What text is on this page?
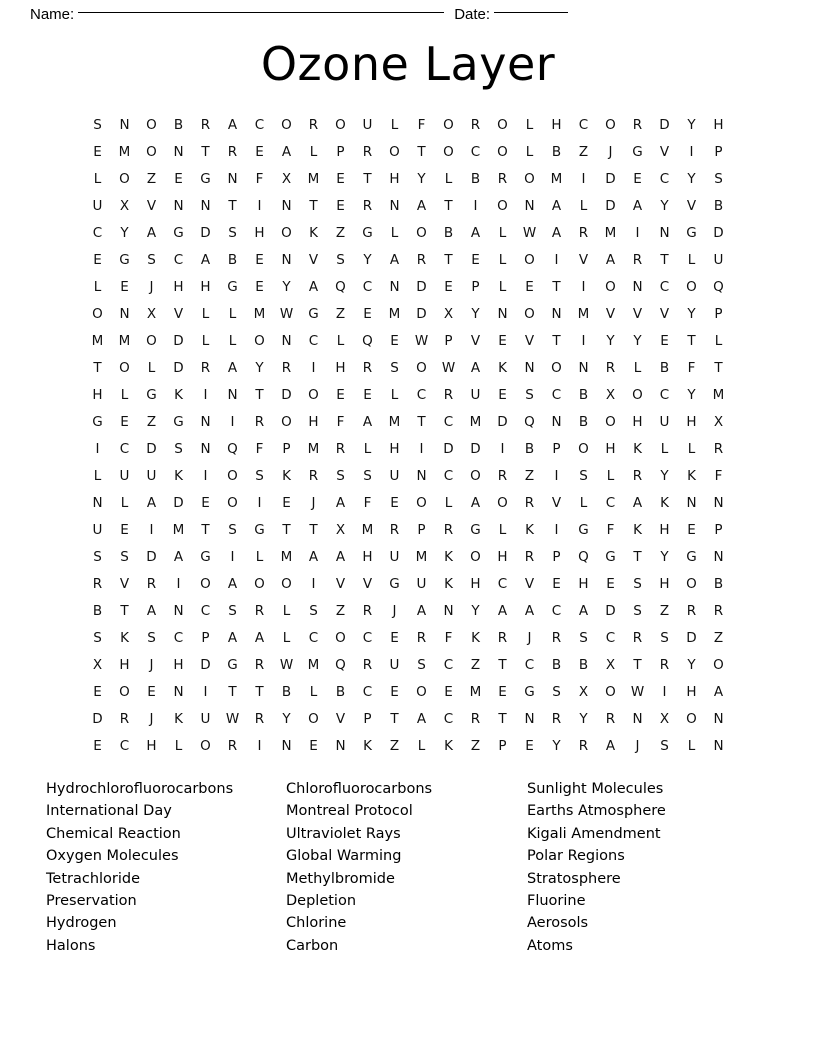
Name:	Date:
Ozone Layer
S	N	O	B	R	A	C	O	R	O	U	L	F	O	R	O	L	H	C	O	R	D	Y	H
E	M	O	N	T	R	E	A	L	P	R	O	T	O	C	O	L	B	Z	J	G	V	I	P
L	O	Z	E	G	N	F	X	M	E	T	H	Y	L	B	R	O	M	I	D	E	C	Y	S
U	X	V	N	N	T	I	N	T	E	R	N	A	T	I	O	N	A	L	D	A	Y	V	B
C	Y	A	G	D	S	H	O	K	Z	G	L	O	B	A	L	W	A	R	M	I	N	G	D
E	G	S	C	A	B	E	N	V	S	Y	A	R	T	E	L	O	I	V	A	R	T	L	U
L	E	J	H	H	G	E	Y	A	Q	C	N	D	E	P	L	E	T	I	O	N	C	O	Q
O	N	X	V	L	L	M	W	G	Z	E	M	D	X	Y	N	O	N	M	V	V	V	Y	P
M	M	O	D	L	L	O	N	C	L	Q	E	W	P	V	E	V	T	I	Y	Y	E	T	L
T	O	L	D	R	A	Y	R	I	H	R	S	O	W	A	K	N	O	N	R	L	B	F	T
H	L	G	K	I	N	T	D	O	E	E	L	C	R	U	E	S	C	B	X	O	C	Y	M
G	E	Z	G	N	I	R	O	H	F	A	M	T	C	M	D	Q	N	B	O	H	U	H	X
I	C	D	S	N	Q	F	P	M	R	L	H	I	D	D	I	B	P	O	H	K	L	L	R
L	U	U	K	I	O	S	K	R	S	S	U	N	C	O	R	Z	I	S	L	R	Y	K	F
N	L	A	D	E	O	I	E	J	A	F	E	O	L	A	O	R	V	L	C	A	K	N	N
U	E	I	M	T	S	G	T	T	X	M	R	P	R	G	L	K	I	G	F	K	H	E	P
S	S	D	A	G	I	L	M	A	A	H	U	M	K	O	H	R	P	Q	G	T	Y	G	N
R	V	R	I	O	A	O	O	I	V	V	G	U	K	H	C	V	E	H	E	S	H	O	B
B	T	A	N	C	S	R	L	S	Z	R	J	A	N	Y	A	A	C	A	D	S	Z	R	R
S	K	S	C	P	A	A	L	C	O	C	E	R	F	K	R	J	R	S	C	R	S	D	Z
X	H	J	H	D	G	R	W	M	Q	R	U	S	C	Z	T	C	B	B	X	T	R	Y	O
E	O	E	N	I	T	T	B	L	B	C	E	O	E	M	E	G	S	X	O	W	I	H	A
D	R	J	K	U	W	R	Y	O	V	P	T	A	C	R	T	N	R	Y	R	N	X	O	N
E	C	H	L	O	R	I	N	E	N	K	Z	L	K	Z	P	E	Y	R	A	J	S	L	N
Hydrochlorofluorocarbons
International Day
Chemical Reaction
Oxygen Molecules
Tetrachloride
Preservation
Hydrogen
Halons
Chlorofluorocarbons
Montreal Protocol
Ultraviolet Rays
Global Warming
Methylbromide
Depletion
Chlorine
Carbon
Sunlight Molecules
Earths Atmosphere
Kigali Amendment
Polar Regions
Stratosphere
Fluorine
Aerosols
Atoms
